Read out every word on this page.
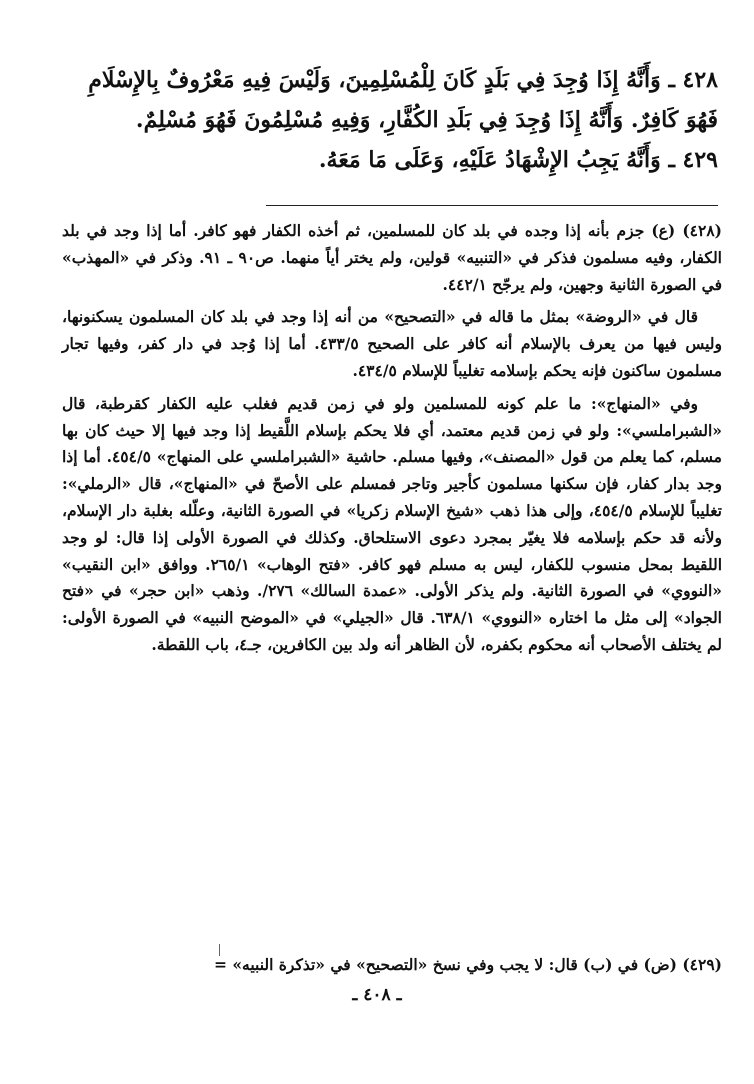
٤٢٨ ـ وَأَنَّهُ إِذَا وُجِدَ فِي بَلَدٍ كَانَ لِلْمُسْلِمِينَ، وَلَيْسَ فِيهِ مَعْرُوفٌ بِالإِسْلَامِ
فَهُوَ كَافِرٌ. وَأَنَّهُ إِذَا وُجِدَ فِي بَلَدِ الكُفَّارِ، وَفِيهِ مُسْلِمُونَ فَهُوَ مُسْلِمٌ.
٤٢٩ ـ وَأَنَّهُ يَجِبُ الإِشْهَادُ عَلَيْهِ، وَعَلَى مَا مَعَهُ.

(٤٢٨) (ع) جزم بأنه إذا وجده في بلد كان للمسلمين، ثم أخذه الكفار فهو كافر. أما إذا وجد في بلد الكفار، وفيه مسلمون فذكر في «التنبيه» قولين، ولم يختر أياً منهما. ص٩٠ ـ ٩١. وذكر في «المهذب» في الصورة الثانية وجهين، ولم يرجّح ٤٤٢/١.

قال في «الروضة» بمثل ما قاله في «التصحيح» من أنه إذا وجد في بلد كان المسلمون يسكنونها، وليس فيها من يعرف بالإسلام أنه كافر على الصحيح ٤٣٣/٥. أما إذا وُجد في دار كفر، وفيها تجار مسلمون ساكنون فإنه يحكم بإسلامه تغليباً للإسلام ٤٣٤/٥.

وفي «المنهاج»: ما علم كونه للمسلمين ولو في زمن قديم فغلب عليه الكفار كقرطبة، قال «الشبراملسي»: ولو في زمن قديم معتمد، أي فلا يحكم بإسلام اللَّقيط إذا وجد فيها إلا حيث كان بها مسلم، كما يعلم من قول «المصنف»، وفيها مسلم. حاشية «الشبراملسي على المنهاج» ٤٥٤/٥. أما إذا وجد بدار كفار، فإن سكنها مسلمون كأجير وتاجر فمسلم على الأصحّ في «المنهاج»، قال «الرملي»: تغليباً للإسلام ٤٥٤/٥، وإلى هذا ذهب «شيخ الإسلام زكريا» في الصورة الثانية، وعلّله بغلبة دار الإسلام، ولأنه قد حكم بإسلامه فلا يغيّر بمجرد دعوى الاستلحاق. وكذلك في الصورة الأولى إذا قال: لو وجد اللقيط بمحل منسوب للكفار، ليس به مسلم فهو كافر. «فتح الوهاب» ٢٦٥/١. ووافق «ابن النقيب» «النووي» في الصورة الثانية. ولم يذكر الأولى. «عمدة السالك» ٢٧٦/. وذهب «ابن حجر» في «فتح الجواد» إلى مثل ما اختاره «النووي» ٦٣٨/١. قال «الجيلي» في «الموضح النبيه» في الصورة الأولى: لم يختلف الأصحاب أنه محكوم بكفره، لأن الظاهر أنه ولد بين الكافرين، جـ٤، باب اللقطة.

(٤٢٩) (ض) في (ب) قال: لا يجب وفي نسخ «التصحيح» في «تذكرة النبيه» =
ـ ٤٠٨ ـ
